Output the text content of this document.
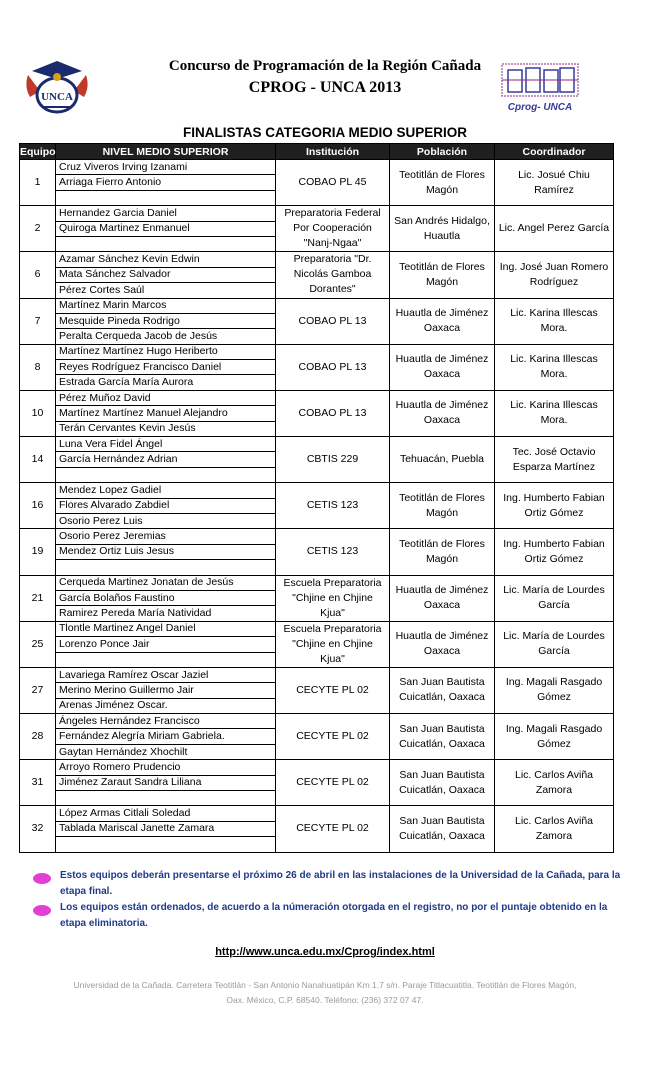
UNCA
Concurso de Programación de la Región Cañada
CPROG - UNCA 2013
Cprog- UNCA
FINALISTAS CATEGORIA MEDIO SUPERIOR
Equipo	NIVEL MEDIO SUPERIOR	Institución	Población	Coordinador
1	Cruz Viveros Irving Izanami	COBAO PL 45	Teotitlán de Flores Magón	Lic. Josué Chiu Ramírez
	Arriaga Fierro Antonio			

2	Hernandez Garcia Daniel	Preparatoria Federal Por Cooperación "Nanj-Ngaa"	San Andrés Hidalgo, Huautla	Lic. Angel Perez García
	Quiroga Martinez Enmanuel			

6	Azamar Sánchez Kevin Edwin	Preparatoria "Dr. Nicolás Gamboa Dorantes"	Teotitlán de Flores Magón	Ing. José Juan Romero Rodríguez
	Mata Sánchez Salvador			
	Pérez Cortes Saúl			
7	Martínez Marin Marcos	COBAO PL 13	Huautla de Jiménez Oaxaca	Lic. Karina Illescas Mora.
	Mesquide Pineda Rodrigo			
	Peralta Cerqueda Jacob de Jesús			
8	Martínez Martínez Hugo Heriberto	COBAO PL 13	Huautla de Jiménez Oaxaca	Lic. Karina Illescas Mora.
	Reyes Rodríguez Francisco Daniel			
	Estrada García María Aurora			
10	Pérez Muñoz David	COBAO PL 13	Huautla de Jiménez Oaxaca	Lic. Karina Illescas Mora.
	Martínez Martínez Manuel Alejandro			
	Terán Cervantes Kevin Jesús			
14	Luna Vera Fidel Ángel	CBTIS 229	Tehuacán, Puebla	Tec. José Octavio Esparza Martínez
	García Hernández Adrian			

16	Mendez Lopez Gadiel	CETIS 123	Teotitlán de Flores Magón	Ing. Humberto Fabian Ortiz Gómez
	Flores Alvarado Zabdiel			
	Osorio Perez Luis			
19	Osorio Perez Jeremias	CETIS 123	Teotitlán de Flores Magón	Ing. Humberto Fabian Ortiz Gómez
	Mendez Ortiz Luis Jesus			

21	Cerqueda Martinez Jonatan de Jesús	Escuela Preparatoria "Chjine en Chjine Kjua"	Huautla de Jiménez Oaxaca	Lic. María de Lourdes García
	García Bolaños Faustino			
	Ramirez Pereda María Natividad			
25	Tlontle Martinez Angel Daniel	Escuela Preparatoria "Chjine en Chjine Kjua"	Huautla de Jiménez Oaxaca	Lic. María de Lourdes García
	Lorenzo Ponce Jair			

27	Lavariega Ramírez Oscar Jaziel	CECYTE PL 02	San Juan Bautista Cuicatlán, Oaxaca	Ing. Magali Rasgado Gómez
	Merino Merino Guillermo Jair			
	Arenas Jiménez Oscar.			
28	Ángeles Hernández Francisco	CECYTE PL 02	San Juan Bautista Cuicatlán, Oaxaca	Ing. Magali Rasgado Gómez
	Fernández Alegría Miriam Gabriela.			
	Gaytan Hernández Xhochilt			
31	Arroyo Romero Prudencio	CECYTE PL 02	San Juan Bautista Cuicatlán, Oaxaca	Lic. Carlos Aviña Zamora
	Jiménez Zaraut Sandra Liliana			

32	López Armas Citlali Soledad	CECYTE PL 02	San Juan Bautista Cuicatlán, Oaxaca	Lic. Carlos Aviña Zamora
	Tablada Mariscal Janette Zamara			

Estos equipos deberán presentarse el próximo 26 de abril en las instalaciones de la Universidad de la Cañada, para la etapa final.
Los equipos están ordenados, de acuerdo a la númeración otorgada en el registro, no por el puntaje obtenido en la etapa eliminatoria.
http://www.unca.edu.mx/Cprog/index.html
Universidad de la Cañada. Carretera Teotitlán - San Antonio Nanahuatipán Km 1.7 s/n. Paraje Titlacuatitla. Teotitlán de Flores Magón,
Oax. México, C.P. 68540. Teléfono: (236) 372 07 47.
